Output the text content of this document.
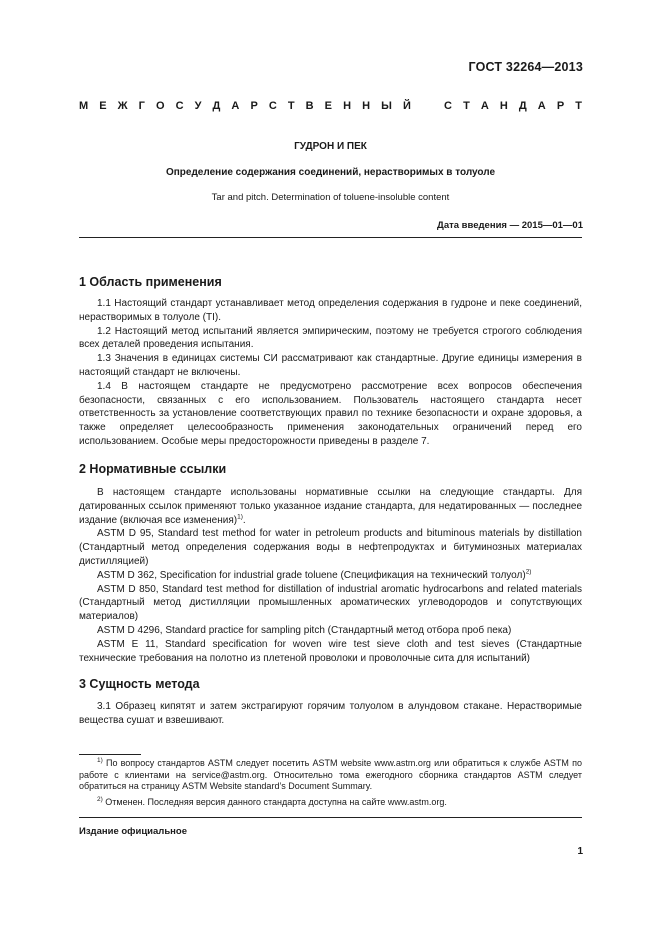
ГОСТ 32264—2013
М Е Ж Г О С У Д А Р С Т В Е Н Н Ы Й	С Т А Н Д А Р Т
ГУДРОН И ПЕК
Определение содержания соединений, нерастворимых в толуоле
Tar and pitch. Determination of toluene-insoluble content
Дата введения — 2015—01—01
1 Область применения

1.1 Настоящий стандарт устанавливает метод определения содержания в гудроне и пеке соединений, нерастворимых в толуоле (TI).

1.2 Настоящий метод испытаний является эмпирическим, поэтому не требуется строгого соблюдения всех деталей проведения испытания.

1.3 Значения в единицах системы СИ рассматривают как стандартные. Другие единицы измерения в настоящий стандарт не включены.

1.4 В настоящем стандарте не предусмотрено рассмотрение всех вопросов обеспечения безопасности, связанных с его использованием. Пользователь настоящего стандарта несет ответственность за установление соответствующих правил по технике безопасности и охране здоровья, а также определяет целесообразность применения законодательных ограничений перед его использованием. Особые меры предосторожности приведены в разделе 7.

2 Нормативные ссылки

В настоящем стандарте использованы нормативные ссылки на следующие стандарты. Для датированных ссылок применяют только указанное издание стандарта, для недатированных — последнее издание (включая все изменения)$^{1)}$.

ASTM D 95, Standard test method for water in petroleum products and bituminous materials by distillation (Стандартный метод определения содержания воды в нефтепродуктах и битуминозных материалах дистилляцией)

ASTM D 362, Specification for industrial grade toluene (Спецификация на технический толуол)$^{2)}$

ASTM D 850, Standard test method for distillation of industrial aromatic hydrocarbons and related materials (Стандартный метод дистилляции промышленных ароматических углеводородов и сопутствующих материалов)

ASTM D 4296, Standard practice for sampling pitch (Стандартный метод отбора проб пека)

ASTM E 11, Standard specification for woven wire test sieve cloth and test sieves (Стандартные технические требования на полотно из плетеной проволоки и проволочные сита для испытаний)

3 Сущность метода

3.1 Образец кипятят и затем экстрагируют горячим толуолом в алундовом стакане. Нерастворимые вещества сушат и взвешивают.

$^{1)}$ По вопросу стандартов ASTM следует посетить ASTM website www.astm.org или обратиться к службе ASTM по работе с клиентами на service@astm.org. Относительно тома ежегодного сборника стандартов ASTM следует обратиться на страницу ASTM Website standard’s Document Summary.

$^{2)}$ Отменен. Последняя версия данного стандарта доступна на сайте www.astm.org.

Издание официальное
1
